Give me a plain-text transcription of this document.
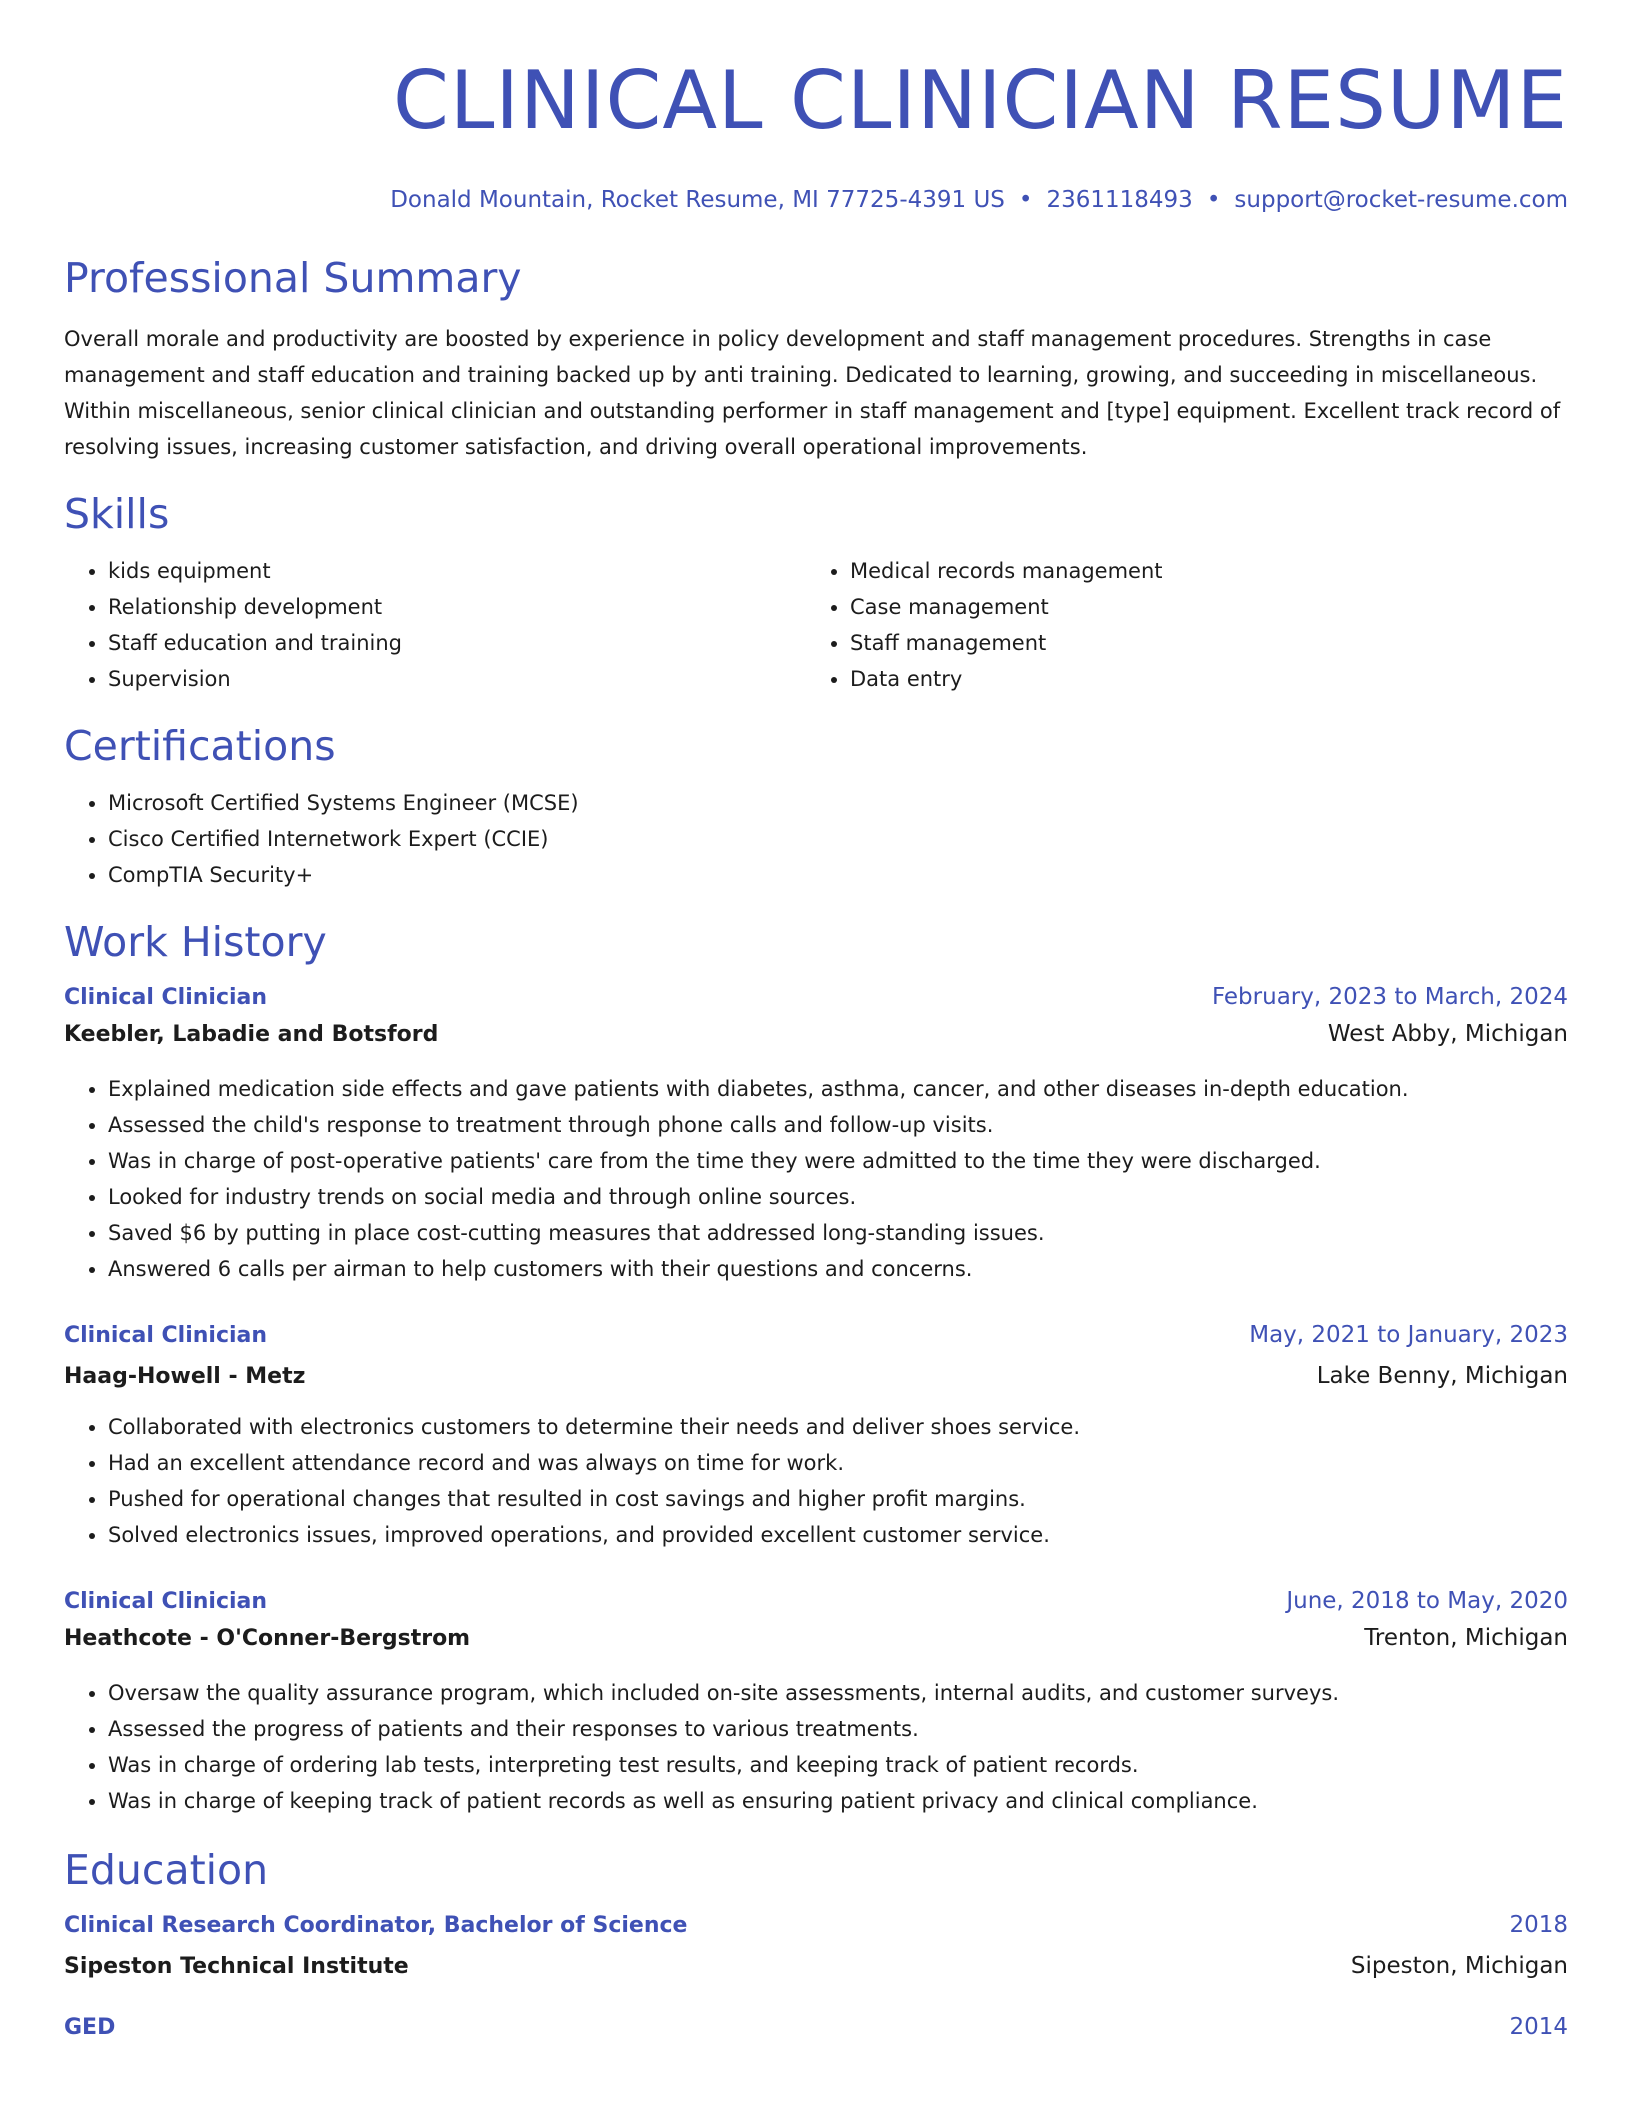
CLINICAL CLINICIAN RESUME
Donald Mountain, Rocket Resume, MI 77725-4391 US • 2361118493 • support@rocket-resume.com
Professional Summary

Overall morale and productivity are boosted by experience in policy development and staff management procedures. Strengths in case management and staff education and training backed up by anti training. Dedicated to learning, growing, and succeeding in miscellaneous. Within miscellaneous, senior clinical clinician and outstanding performer in staff management and [type] equipment. Excellent track record of resolving issues, increasing customer satisfaction, and driving overall operational improvements.

Skills
• kids equipment
• Relationship development
• Staff education and training
• Supervision
• Medical records management
• Case management
• Staff management
• Data entry
Certifications
• Microsoft Certified Systems Engineer (MCSE)
• Cisco Certified Internetwork Expert (CCIE)
• CompTIA Security+
Work History
Clinical Clinician	February, 2023 to March, 2024
Keebler, Labadie and Botsford	West Abby, Michigan
• Explained medication side effects and gave patients with diabetes, asthma, cancer, and other diseases in-depth education.
• Assessed the child's response to treatment through phone calls and follow-up visits.
• Was in charge of post-operative patients' care from the time they were admitted to the time they were discharged.
• Looked for industry trends on social media and through online sources.
• Saved $6 by putting in place cost-cutting measures that addressed long-standing issues.
• Answered 6 calls per airman to help customers with their questions and concerns.
Clinical Clinician	May, 2021 to January, 2023
Haag-Howell - Metz	Lake Benny, Michigan
• Collaborated with electronics customers to determine their needs and deliver shoes service.
• Had an excellent attendance record and was always on time for work.
• Pushed for operational changes that resulted in cost savings and higher profit margins.
• Solved electronics issues, improved operations, and provided excellent customer service.
Clinical Clinician	June, 2018 to May, 2020
Heathcote - O'Conner-Bergstrom	Trenton, Michigan
• Oversaw the quality assurance program, which included on-site assessments, internal audits, and customer surveys.
• Assessed the progress of patients and their responses to various treatments.
• Was in charge of ordering lab tests, interpreting test results, and keeping track of patient records.
• Was in charge of keeping track of patient records as well as ensuring patient privacy and clinical compliance.
Education
Clinical Research Coordinator, Bachelor of Science	2018
Sipeston Technical Institute	Sipeston, Michigan
GED	2014
